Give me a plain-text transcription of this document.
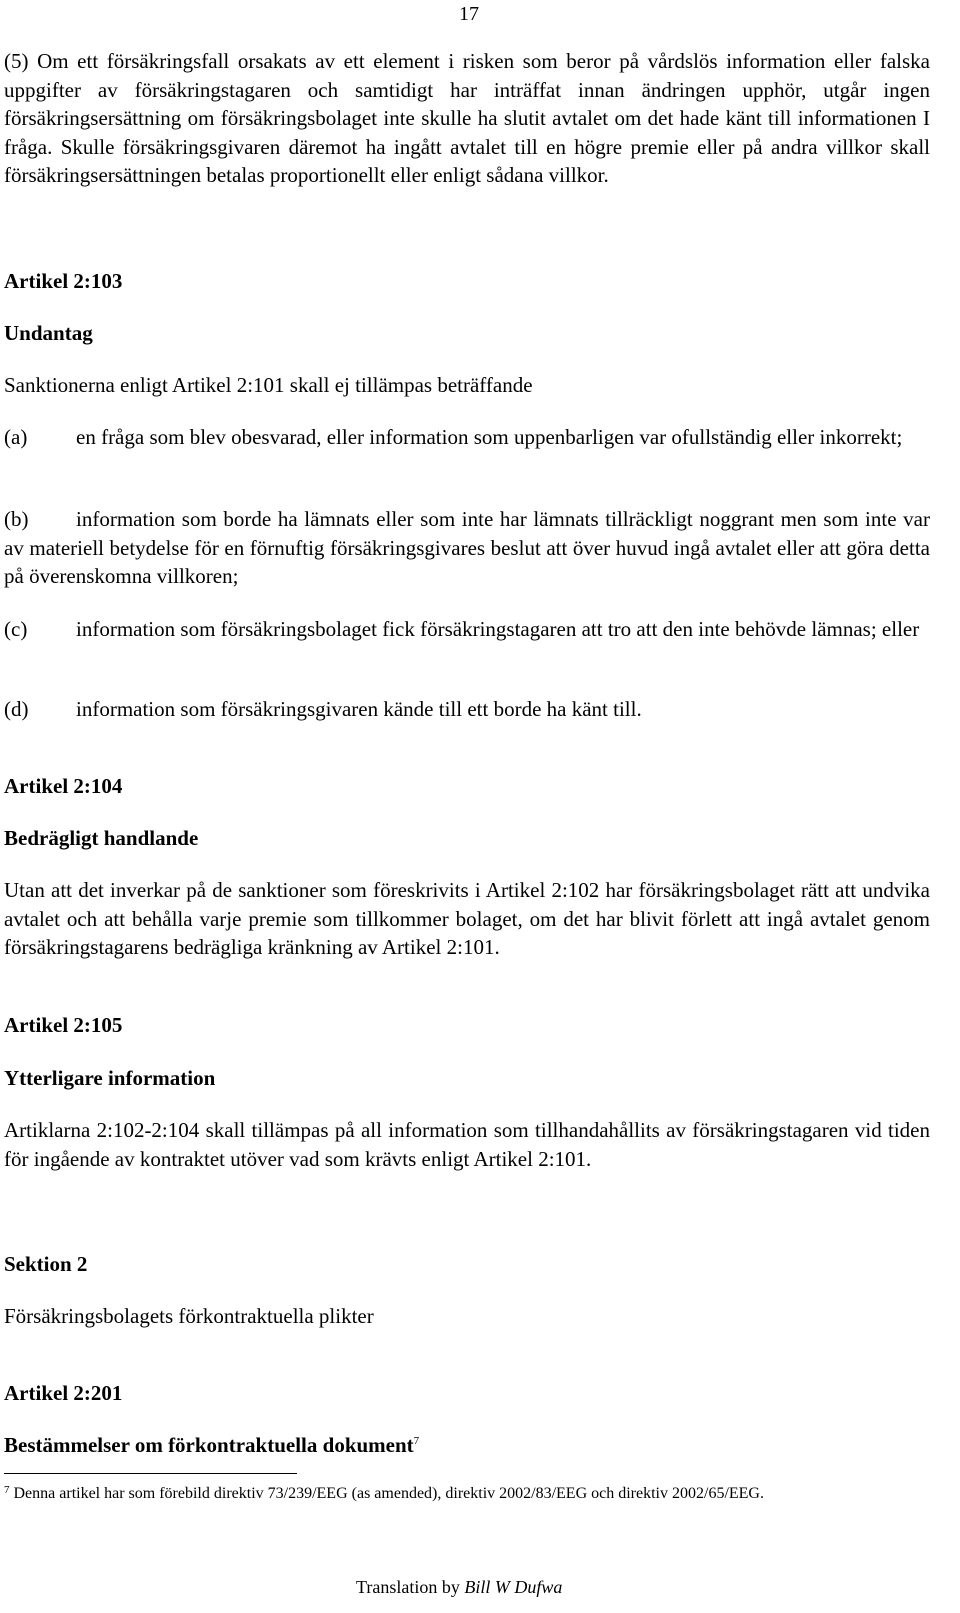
17

(5) Om ett försäkringsfall orsakats av ett element i risken som beror på vårdslös information eller falska uppgifter av försäkringstagaren och samtidigt har inträffat innan ändringen upphör, utgår ingen försäkringsersättning om försäkringsbolaget inte skulle ha slutit avtalet om det hade känt till informationen I fråga. Skulle försäkringsgivaren däremot ha ingått avtalet till en högre premie eller på andra villkor skall försäkringsersättningen betalas proportionellt eller enligt sådana villkor.

Artikel 2:103
Undantag
Sanktionerna enligt Artikel 2:101 skall ej tillämpas beträffande

(a) en fråga som blev obesvarad, eller information som uppenbarligen var ofullständig eller inkorrekt;

(b) information som borde ha lämnats eller som inte har lämnats tillräckligt noggrant men som inte var av materiell betydelse för en förnuftig försäkringsgivares beslut att över huvud ingå avtalet eller att göra detta på överenskomna villkoren;

(c) information som försäkringsbolaget fick försäkringstagaren att tro att den inte behövde lämnas; eller

(d) information som försäkringsgivaren kände till ett borde ha känt till.

Artikel 2:104
Bedrägligt handlande

Utan att det inverkar på de sanktioner som föreskrivits i Artikel 2:102 har försäkringsbolaget rätt att undvika avtalet och att behålla varje premie som tillkommer bolaget, om det har blivit förlett att ingå avtalet genom försäkringstagarens bedrägliga kränkning av Artikel 2:101.

Artikel 2:105
Ytterligare information

Artiklarna 2:102-2:104 skall tillämpas på all information som tillhandahållits av försäkringstagaren vid tiden för ingående av kontraktet utöver vad som krävts enligt Artikel 2:101.

Sektion 2
Försäkringsbolagets förkontraktuella plikter
Artikel 2:201
Bestämmelser om förkontraktuella dokument$^7$
$^7$ Denna artikel har som förebild direktiv 73/239/EEG (as amended), direktiv 2002/83/EEG och direktiv 2002/65/EEG.
Translation by Bill W Dufwa
